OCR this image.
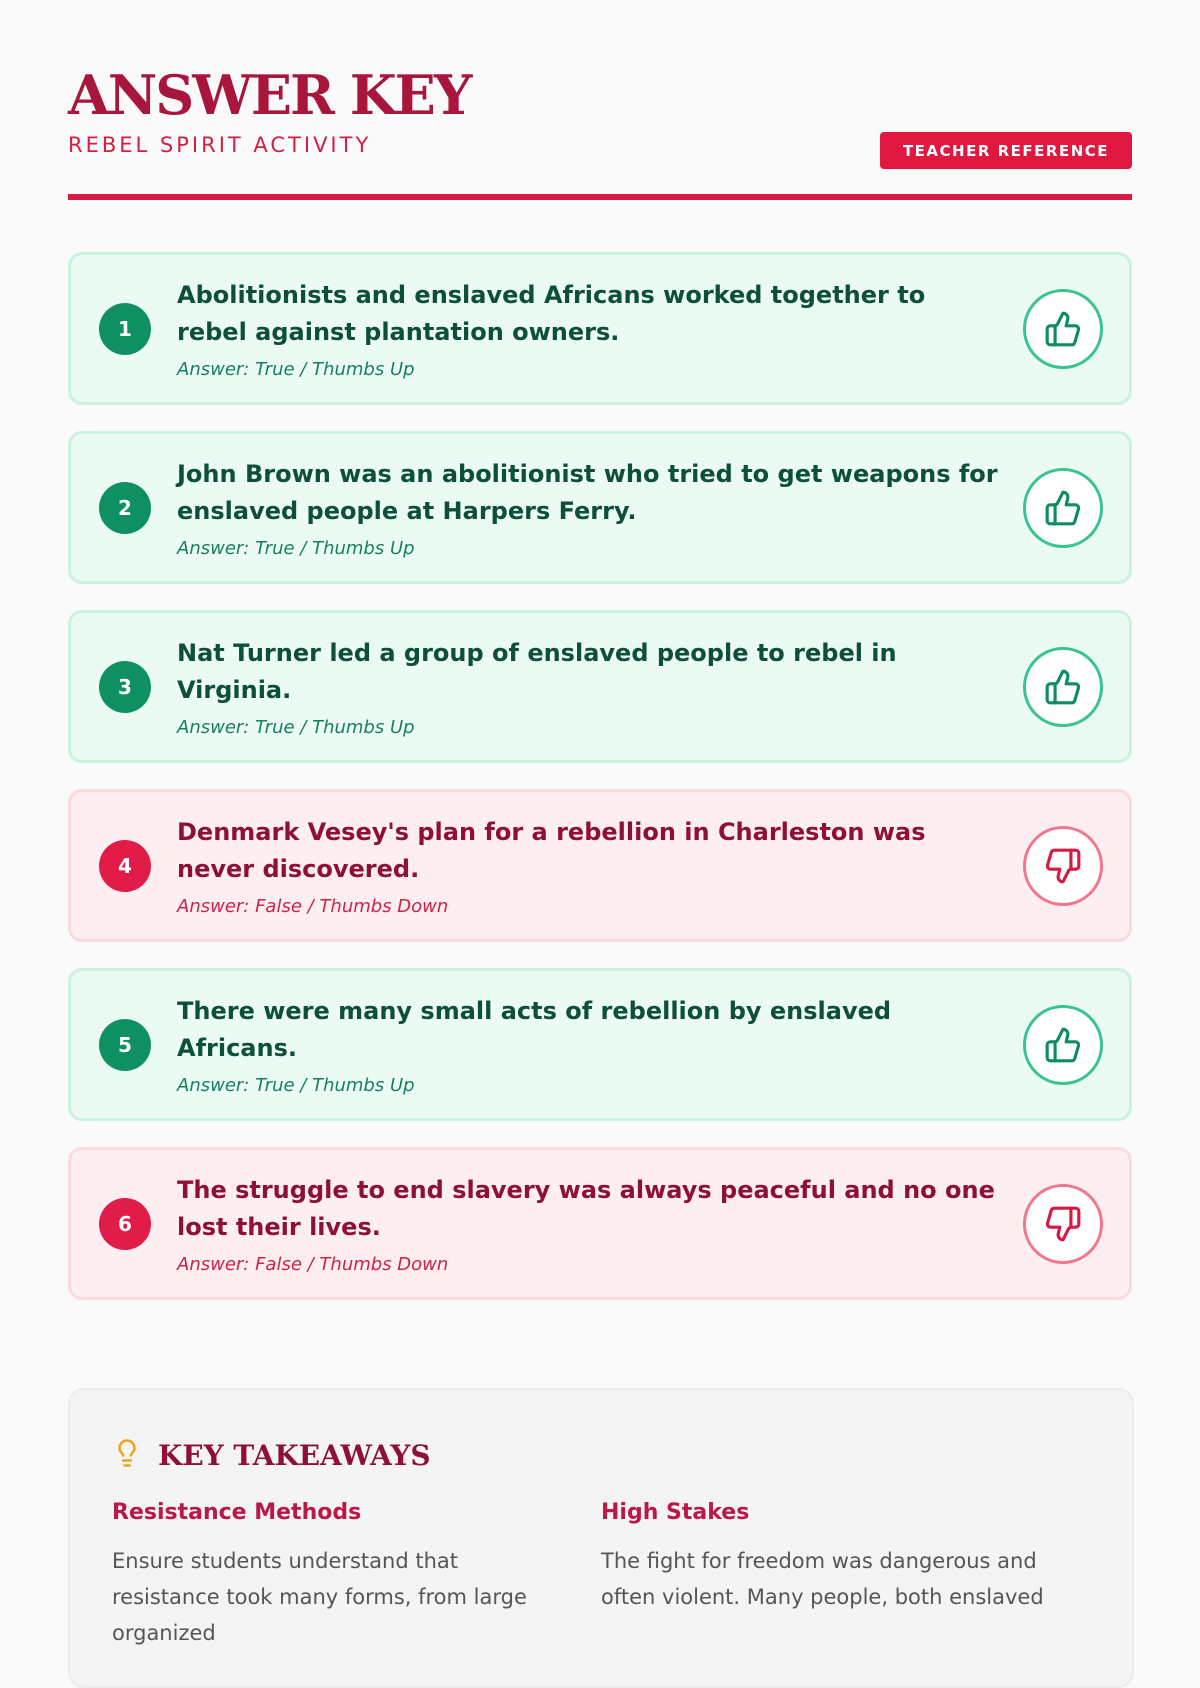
ANSWER KEY
REBEL SPIRIT ACTIVITY	TEACHER REFERENCE
1
Abolitionists and enslaved Africans worked together to rebel against plantation owners.
Answer: True / Thumbs Up
2
John Brown was an abolitionist who tried to get weapons for enslaved people at Harpers Ferry.
Answer: True / Thumbs Up
3
Nat Turner led a group of enslaved people to rebel in Virginia.
Answer: True / Thumbs Up
4
Denmark Vesey's plan for a rebellion in Charleston was never discovered.
Answer: False / Thumbs Down
5
There were many small acts of rebellion by enslaved Africans.
Answer: True / Thumbs Up
6
The struggle to end slavery was always peaceful and no one lost their lives.
Answer: False / Thumbs Down
KEY TAKEAWAYS
Resistance Methods
Ensure students understand that resistance took many forms, from large organized
High Stakes
The fight for freedom was dangerous and often violent. Many people, both enslaved
